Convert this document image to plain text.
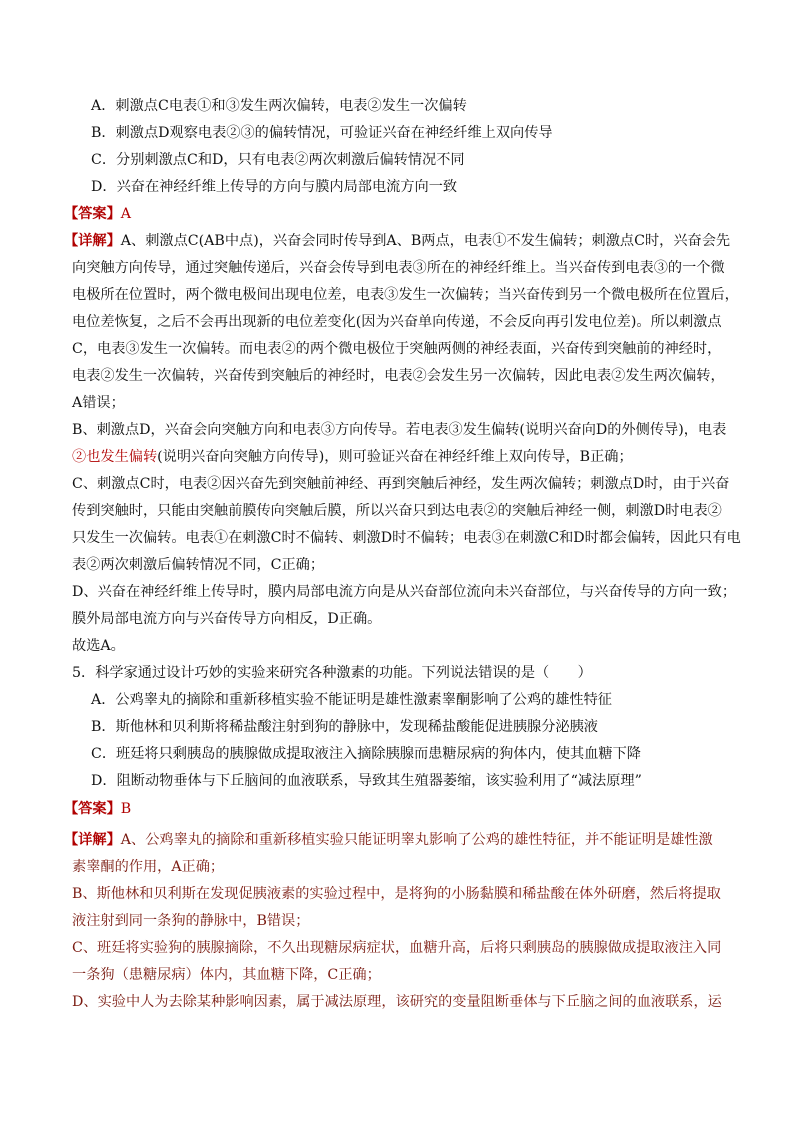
A．刺激点C电表①和③发生两次偏转，电表②发生一次偏转
B．刺激点D观察电表②③的偏转情况，可验证兴奋在神经纤维上双向传导
C．分别刺激点C和D，只有电表②两次刺激后偏转情况不同
D．兴奋在神经纤维上传导的方向与膜内局部电流方向一致
【答案】A
【详解】A、刺激点C(AB中点)，兴奋会同时传导到A、B两点，电表①不发生偏转；刺激点C时，兴奋会先
向突触方向传导，通过突触传递后，兴奋会传导到电表③所在的神经纤维上。当兴奋传到电表③的一个微
电极所在位置时，两个微电极间出现电位差，电表③发生一次偏转；当兴奋传到另一个微电极所在位置后，
电位差恢复，之后不会再出现新的电位差变化(因为兴奋单向传递，不会反向再引发电位差)。所以刺激点
C，电表③发生一次偏转。而电表②的两个微电极位于突触两侧的神经表面，兴奋传到突触前的神经时，
电表②发生一次偏转，兴奋传到突触后的神经时，电表②会发生另一次偏转，因此电表②发生两次偏转，
A错误；
B、刺激点D，兴奋会向突触方向和电表③方向传导。若电表③发生偏转(说明兴奋向D的外侧传导)，电表
②也发生偏转(说明兴奋向突触方向传导)，则可验证兴奋在神经纤维上双向传导，B正确；
C、刺激点C时，电表②因兴奋先到突触前神经、再到突触后神经，发生两次偏转；刺激点D时，由于兴奋
传到突触时，只能由突触前膜传向突触后膜，所以兴奋只到达电表②的突触后神经一侧，刺激D时电表②
只发生一次偏转。电表①在刺激C时不偏转、刺激D时不偏转；电表③在刺激C和D时都会偏转，因此只有电
表②两次刺激后偏转情况不同，C正确；
D、兴奋在神经纤维上传导时，膜内局部电流方向是从兴奋部位流向未兴奋部位，与兴奋传导的方向一致；
膜外局部电流方向与兴奋传导方向相反，D正确。
故选A。
5．科学家通过设计巧妙的实验来研究各种激素的功能。下列说法错误的是（　　）
A．公鸡睾丸的摘除和重新移植实验不能证明是雄性激素睾酮影响了公鸡的雄性特征
B．斯他林和贝利斯将稀盐酸注射到狗的静脉中，发现稀盐酸能促进胰腺分泌胰液
C．班廷将只剩胰岛的胰腺做成提取液注入摘除胰腺而患糖尿病的狗体内，使其血糖下降
D．阻断动物垂体与下丘脑间的血液联系，导致其生殖器萎缩，该实验利用了“减法原理”
【答案】B
【详解】A、公鸡睾丸的摘除和重新移植实验只能证明睾丸影响了公鸡的雄性特征，并不能证明是雄性激
素睾酮的作用，A正确；
B、斯他林和贝利斯在发现促胰液素的实验过程中，是将狗的小肠黏膜和稀盐酸在体外研磨，然后将提取
液注射到同一条狗的静脉中，B错误；
C、班廷将实验狗的胰腺摘除，不久出现糖尿病症状，血糖升高，后将只剩胰岛的胰腺做成提取液注入同
一条狗（患糖尿病）体内，其血糖下降，C正确；
D、实验中人为去除某种影响因素，属于减法原理，该研究的变量阻断垂体与下丘脑之间的血液联系，运
